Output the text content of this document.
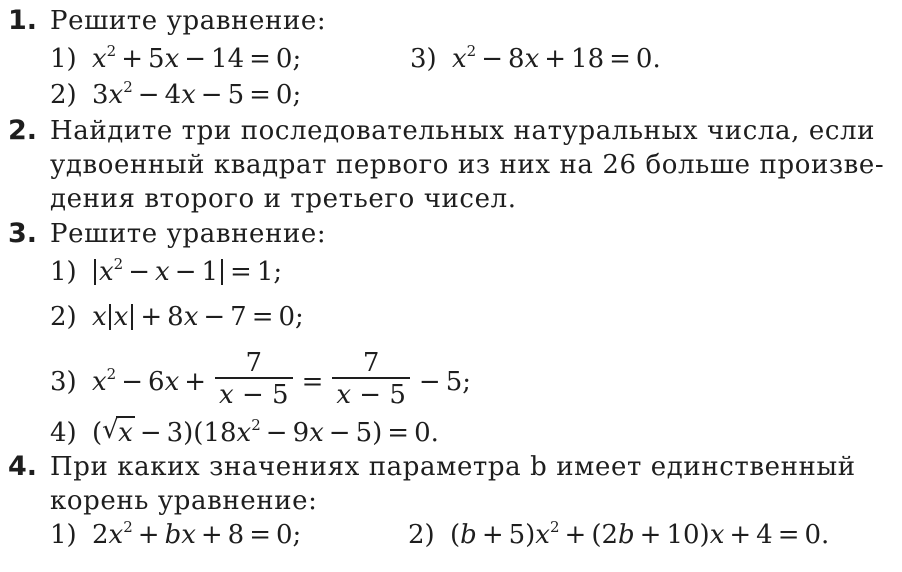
1. Решите уравнение:
1) $x^2 + 5x - 14 = 0$;	3) $x^2 - 8x + 18 = 0$.
2) $3x^2 - 4x - 5 = 0$;
2. Найдите три последовательных натуральных числа, если
удвоенный квадрат первого из них на 26 больше произве-
дения второго и третьего чисел.
3. Решите уравнение:
1) $x^2 - x - 1 = 1$;
2) x x + 8x − 7 = 0;
3) $x^2 - 6x + \frac{7}{x - 5} = \frac{7}{x - 5} - 5$;
4) ( √ $x - 3)(18x^2 - 9x - 5) = 0$.
4. При каких значениях параметра b имеет единственный
корень уравнение:
1) $2x^2$ + bx + 8 = 0;	2) $(b + 5)x^2 + (2b + 10)x + 4 = 0$.
